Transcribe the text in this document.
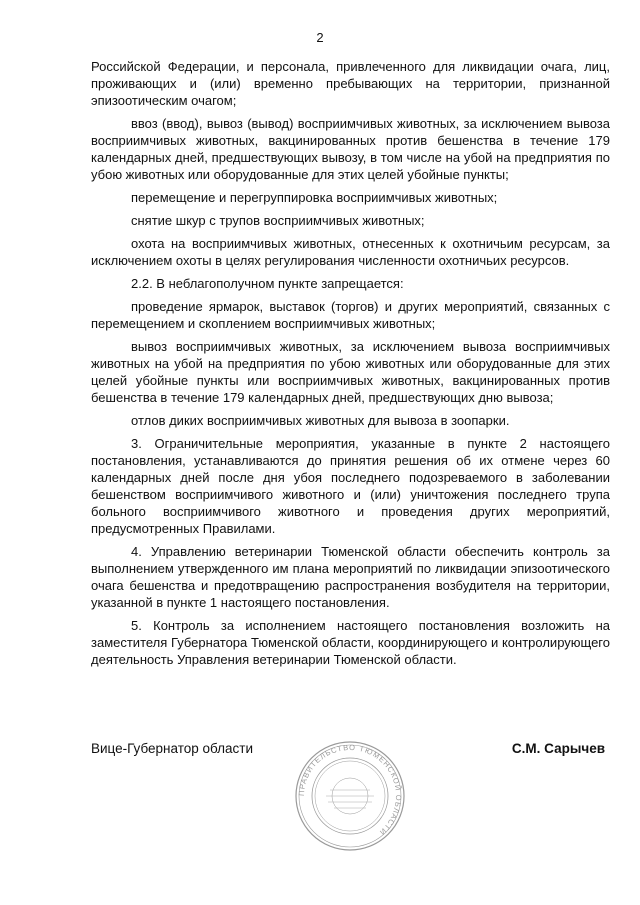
2

Российской Федерации, и персонала, привлеченного для ликвидации очага, лиц, проживающих и (или) временно пребывающих на территории, признанной эпизоотическим очагом;

ввоз (ввод), вывоз (вывод) восприимчивых животных, за исключением вывоза восприимчивых животных, вакцинированных против бешенства в течение 179 календарных дней, предшествующих вывозу, в том числе на убой на предприятия по убою животных или оборудованные для этих целей убойные пункты;

перемещение и перегруппировка восприимчивых животных;

снятие шкур с трупов восприимчивых животных;

охота на восприимчивых животных, отнесенных к охотничьим ресурсам, за исключением охоты в целях регулирования численности охотничьих ресурсов.

2.2. В неблагополучном пункте запрещается:

проведение ярмарок, выставок (торгов) и других мероприятий, связанных с перемещением и скоплением восприимчивых животных;

вывоз восприимчивых животных, за исключением вывоза восприимчивых животных на убой на предприятия по убою животных или оборудованные для этих целей убойные пункты или восприимчивых животных, вакцинированных против бешенства в течение 179 календарных дней, предшествующих дню вывоза;

отлов диких восприимчивых животных для вывоза в зоопарки.

3. Ограничительные мероприятия, указанные в пункте 2 настоящего постановления, устанавливаются до принятия решения об их отмене через 60 календарных дней после дня убоя последнего подозреваемого в заболевании бешенством восприимчивого животного и (или) уничтожения последнего трупа больного восприимчивого животного и проведения других мероприятий, предусмотренных Правилами.

4. Управлению ветеринарии Тюменской области обеспечить контроль за выполнением утвержденного им плана мероприятий по ликвидации эпизоотического очага бешенства и предотвращению распространения возбудителя на территории, указанной в пункте 1 настоящего постановления.

5. Контроль за исполнением настоящего постановления возложить на заместителя Губернатора Тюменской области, координирующего и контролирующего деятельность Управления ветеринарии Тюменской области.

Вице-Губернатор области	С.М. Сарычев
ПРАВИТЕЛЬСТВО ТЮМЕНСКОЙ ОБЛАСТИ
